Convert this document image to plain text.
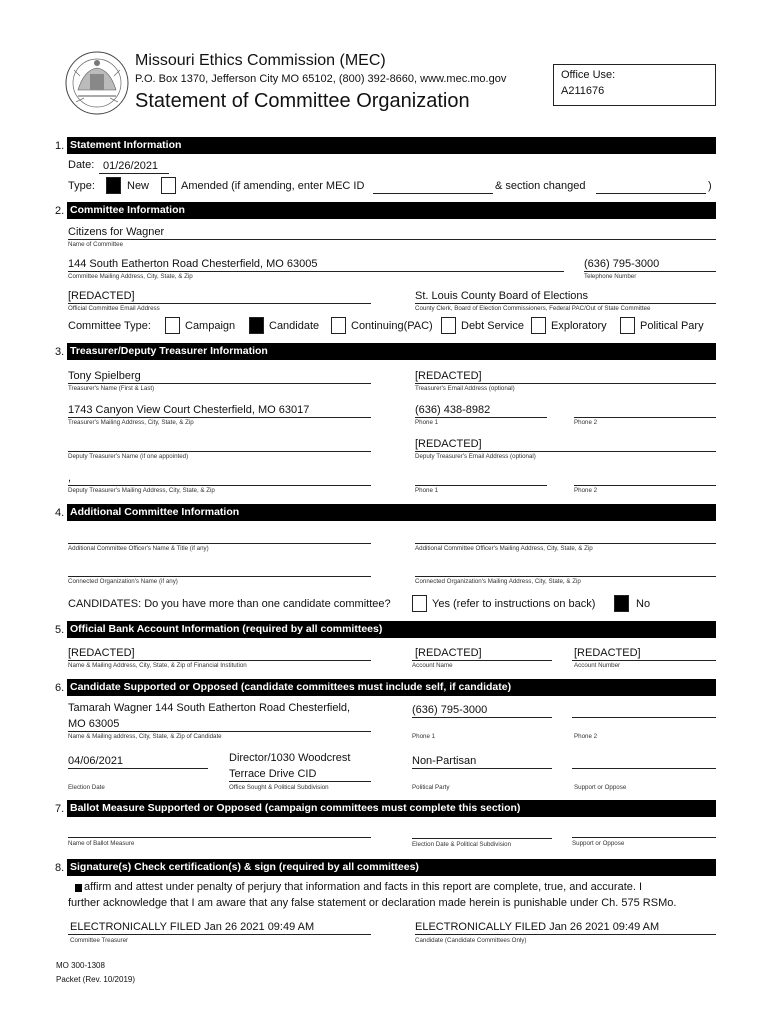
Missouri Ethics Commission (MEC)
P.O. Box 1370, Jefferson City MO 65102, (800) 392-8660, www.mec.mo.gov
Statement of Committee Organization
Office Use:
A211676
1. Statement Information
Date: 01/26/2021
Type:	New	Amended (if amending, enter MEC ID	& section changed	)
2. Committee Information
Citizens for Wagner
Name of Committee
144 South Eatherton Road Chesterfield, MO 63005
Committee Mailing Address, City, State, & Zip
(636) 795-3000
Telephone Number
[REDACTED]
Official Committee Email Address
St. Louis County Board of Elections
County Clerk, Board of Election Commissioners, Federal PAC/Out of State Committee
Committee Type:	Campaign	Candidate	Continuing(PAC)	Debt Service Exploratory	Political Pary
3. Treasurer/Deputy Treasurer Information
Tony Spielberg
Treasurer's Name (First & Last)
[REDACTED]
Treasurer's Email Address (optional)
1743 Canyon View Court Chesterfield, MO 63017
Treasurer's Mailing Address, City, State, & Zip
(636) 438-8982
Phone 1	Phone 2
Deputy Treasurer's Name (if one appointed)
[REDACTED]
Deputy Treasurer's Email Address (optional)
,
Deputy Treasurer's Mailing Address, City, State, & Zip	Phone 1	Phone 2
4. Additional Committee Information
Additional Committee Officer's Name & Title (if any)	Additional Committee Officer's Mailing Address, City, State, & Zip
Connected Organization's Name (if any)	Connected Organization's Mailing Address, City, State, & Zip
CANDIDATES: Do you have more than one candidate committee?	Yes (refer to instructions on back)	No
5. Official Bank Account Information (required by all committees)
[REDACTED]
Name & Mailing Address, City, State, & Zip of Financial Institution
[REDACTED]
Account Name
[REDACTED]
Account Number
6. Candidate Supported or Opposed (candidate committees must include self, if candidate)
Tamarah Wagner 144 South Eatherton Road Chesterfield,
MO 63005
Name & Mailing address, City, State, & Zip of Candidate
(636) 795-3000
Phone 1	Phone 2
04/06/2021
Election Date
Director/1030 Woodcrest
Terrace Drive CID
Office Sought & Political Subdivision
Non-Partisan
Political Party	Support or Oppose
7. Ballot Measure Supported or Opposed (campaign committees must complete this section)
Name of Ballot Measure	Election Date & Political Subdivision	Support or Oppose
8. Signature(s) Check certification(s) & sign (required by all committees)
affirm and attest under penalty of perjury that information and facts in this report are complete, true, and accurate. I
further acknowledge that I am aware that any false statement or declaration made herein is punishable under Ch. 575 RSMo.
ELECTRONICALLY FILED Jan 26 2021 09:49 AM
Committee Treasurer
ELECTRONICALLY FILED Jan 26 2021 09:49 AM
Candidate (Candidate Committees Only)
MO 300-1308
Packet (Rev. 10/2019)
